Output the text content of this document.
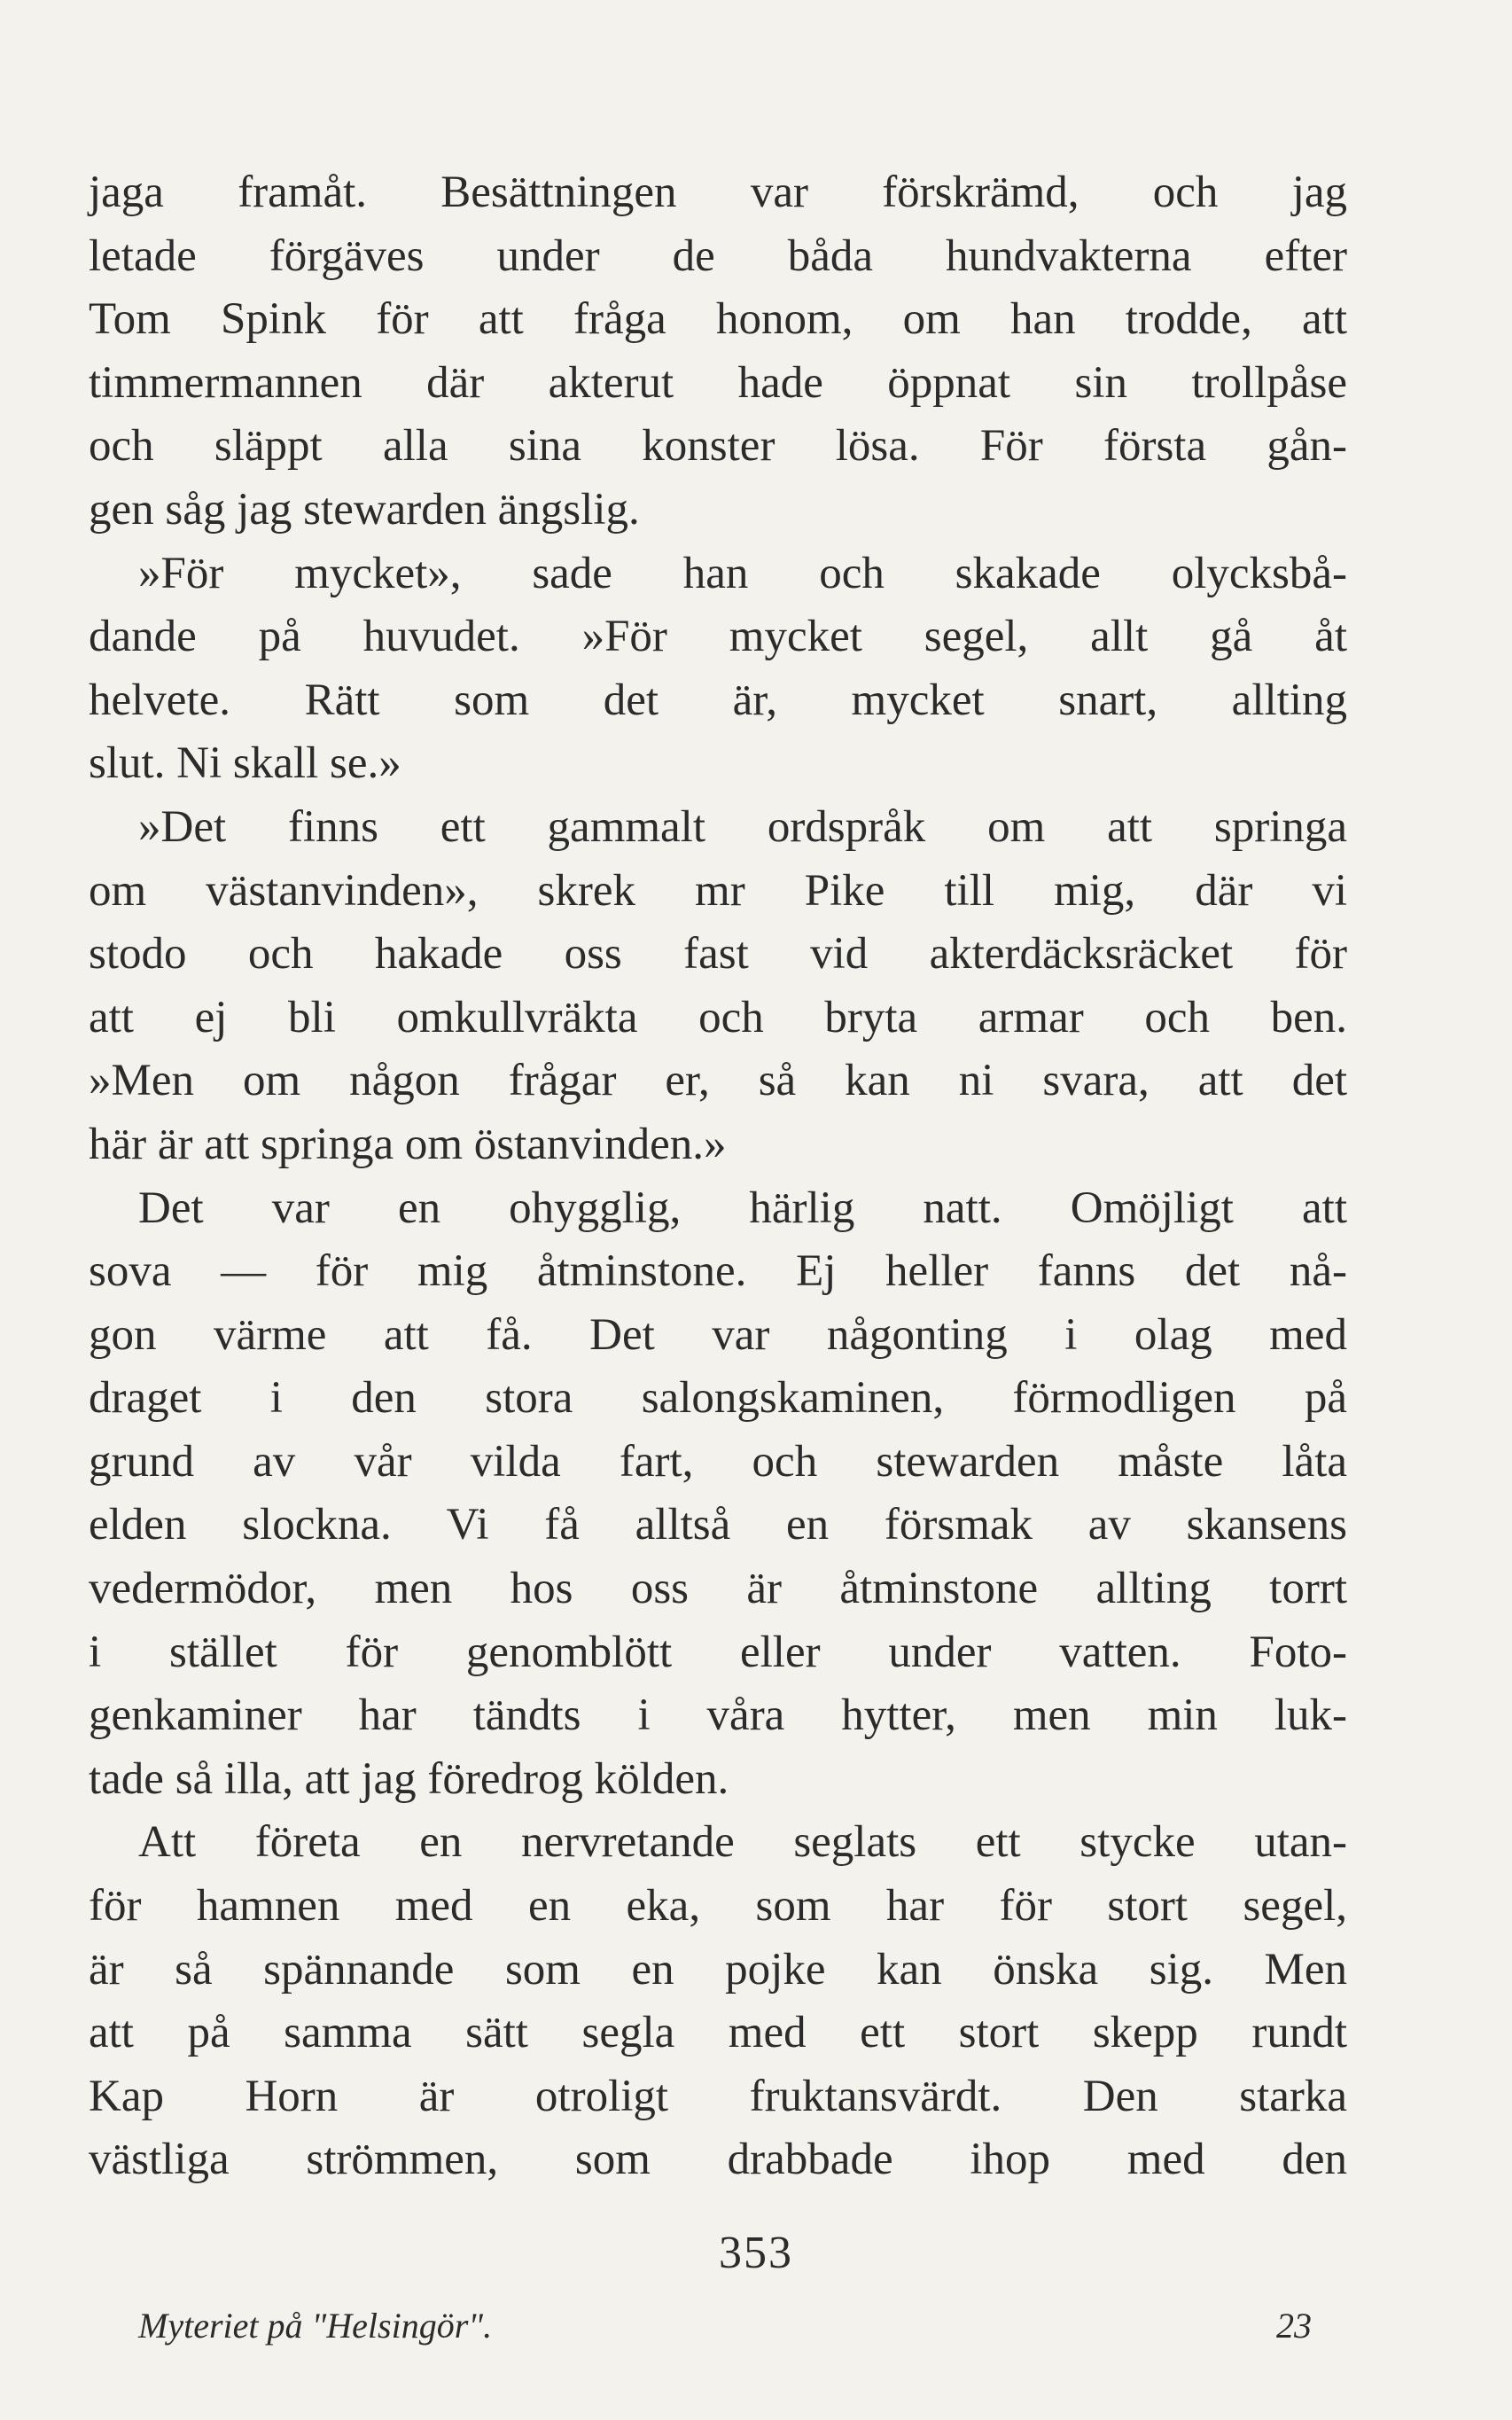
jaga framåt. Besättningen var förskrämd, och jag
letade förgäves under de båda hundvakterna efter
Tom Spink för att fråga honom, om han trodde, att
timmermannen där akterut hade öppnat sin trollpåse
och släppt alla sina konster lösa. För första gån-
gen såg jag stewarden ängslig.
»För mycket», sade han och skakade olycksbå-
dande på huvudet. »För mycket segel, allt gå åt
helvete. Rätt som det är, mycket snart, allting
slut. Ni skall se.»
»Det finns ett gammalt ordspråk om att springa
om västanvinden», skrek mr Pike till mig, där vi
stodo och hakade oss fast vid akterdäcksräcket för
att ej bli omkullvräkta och bryta armar och ben.
»Men om någon frågar er, så kan ni svara, att det
här är att springa om östanvinden.»
Det var en ohygglig, härlig natt. Omöjligt att
sova — för mig åtminstone. Ej heller fanns det nå-
gon värme att få. Det var någonting i olag med
draget i den stora salongskaminen, förmodligen på
grund av vår vilda fart, och stewarden måste låta
elden slockna. Vi få alltså en försmak av skansens
vedermödor, men hos oss är åtminstone allting torrt
i stället för genomblött eller under vatten. Foto-
genkaminer har tändts i våra hytter, men min luk-
tade så illa, att jag föredrog kölden.
Att företa en nervretande seglats ett stycke utan-
för hamnen med en eka, som har för stort segel,
är så spännande som en pojke kan önska sig. Men
att på samma sätt segla med ett stort skepp rundt
Kap Horn är otroligt fruktansvärdt. Den starka
västliga strömmen, som drabbade ihop med den
353
Myteriet på "Helsingör".	23
